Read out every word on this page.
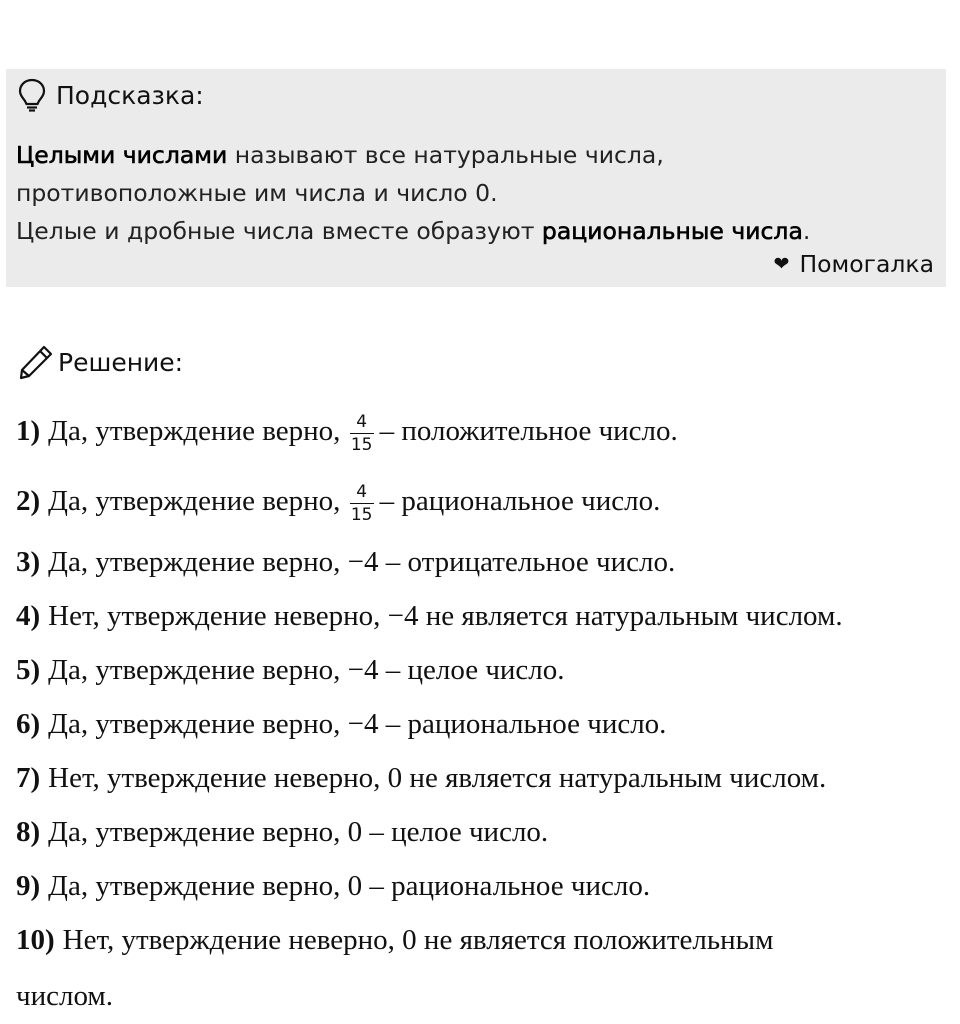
Подсказка:
Целыми числами называют все натуральные числа,
противоположные им числа и число 0.
Целые и дробные числа вместе образуют рациональные числа.
❤ Помогалка
Решение:
1) Да, утверждение верно, $\frac{4}{15}$ – положительное число.
2) Да, утверждение верно, $\frac{4}{15}$ – рациональное число.
3) Да, утверждение верно, −4 – отрицательное число.
4) Нет, утверждение неверно, −4 не является натуральным числом.
5) Да, утверждение верно, −4 – целое число.
6) Да, утверждение верно, −4 – рациональное число.
7) Нет, утверждение неверно, 0 не является натуральным числом.
8) Да, утверждение верно, 0 – целое число.
9) Да, утверждение верно, 0 – рациональное число.
10) Нет, утверждение неверно, 0 не является положительным
числом.
